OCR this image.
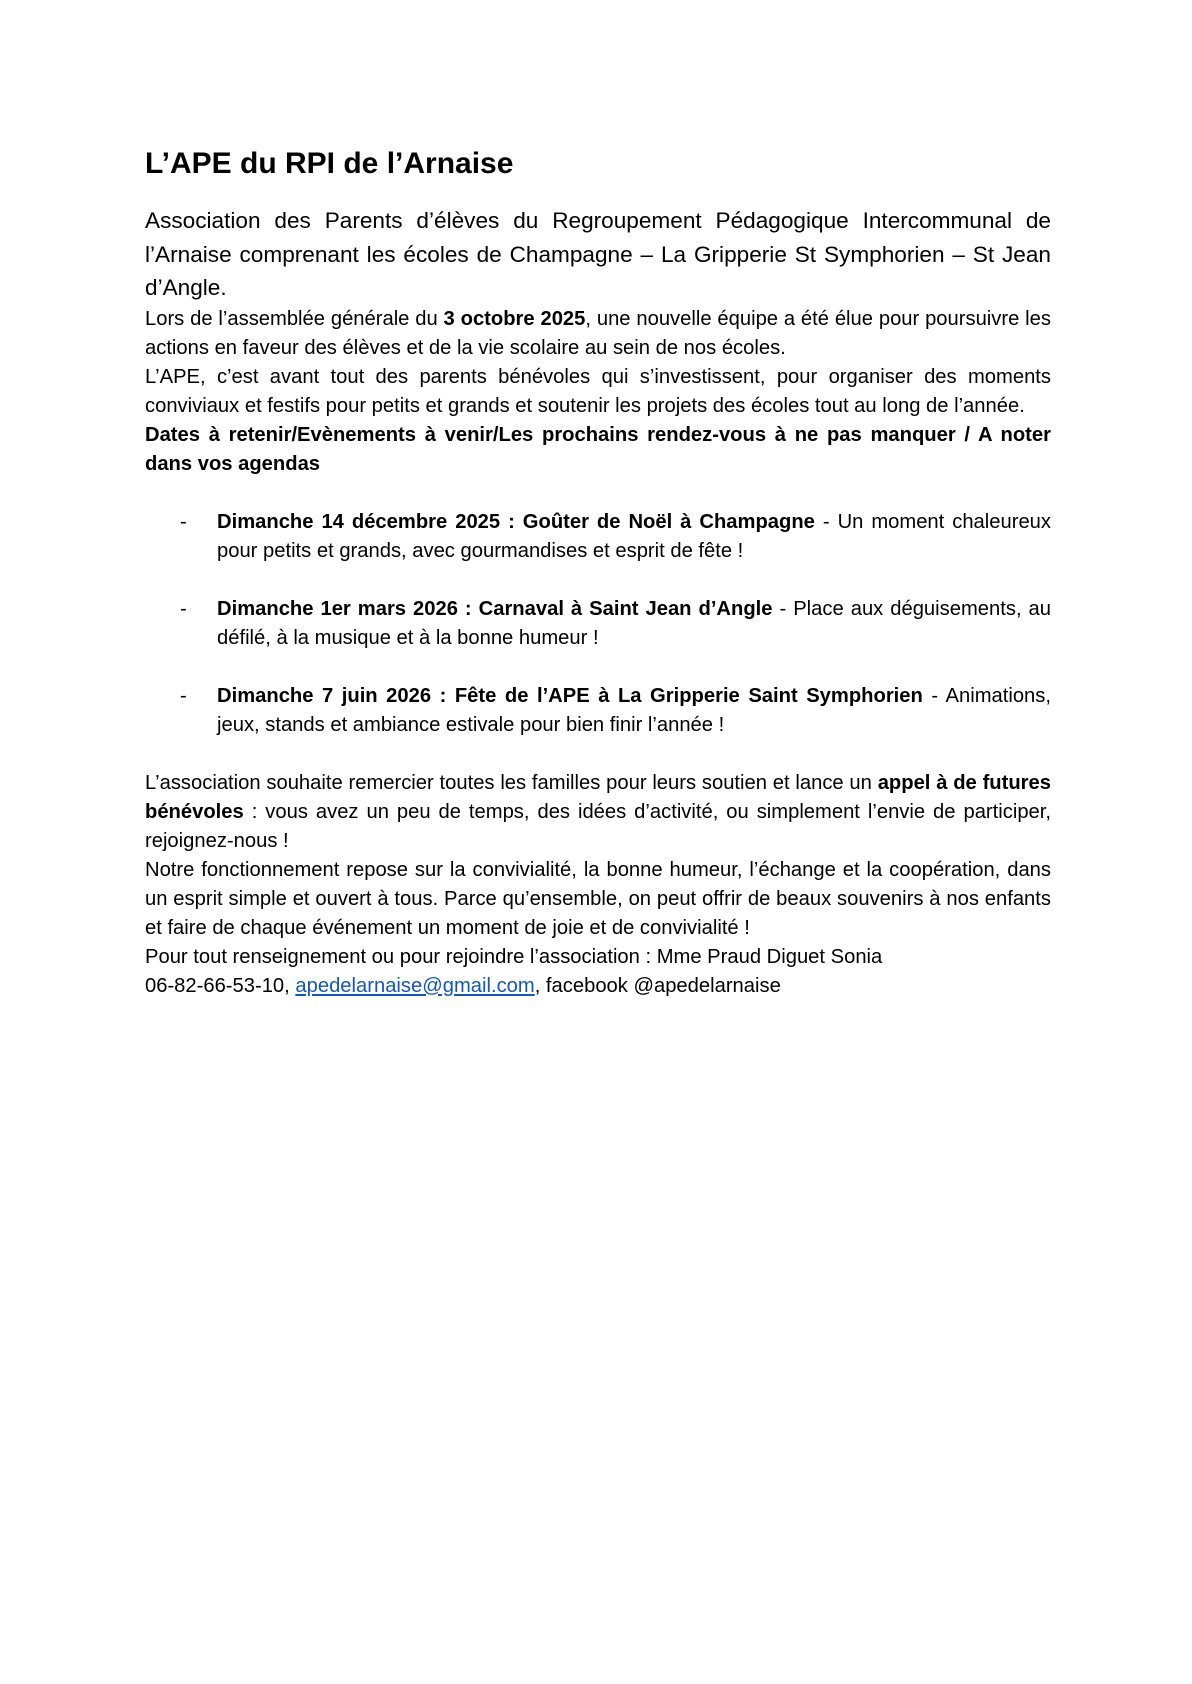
L’APE du RPI de l’Arnaise

Association des Parents d’élèves du Regroupement Pédagogique Intercommunal de l’Arnaise comprenant les écoles de Champagne – La Gripperie St Symphorien – St Jean d’Angle.

Lors de l’assemblée générale du 3 octobre 2025, une nouvelle équipe a été élue pour poursuivre les actions en faveur des élèves et de la vie scolaire au sein de nos écoles.

L’APE, c’est avant tout des parents bénévoles qui s’investissent, pour organiser des moments conviviaux et festifs pour petits et grands et soutenir les projets des écoles tout au long de l’année.

Dates à retenir/Evènements à venir/Les prochains rendez-vous à ne pas manquer / A noter dans vos agendas

- Dimanche 14 décembre 2025 : Goûter de Noël à Champagne - Un moment chaleureux pour petits et grands, avec gourmandises et esprit de fête !
- Dimanche 1er mars 2026 : Carnaval à Saint Jean d’Angle - Place aux déguisements, au défilé, à la musique et à la bonne humeur !
- Dimanche 7 juin 2026 : Fête de l’APE à La Gripperie Saint Symphorien - Animations, jeux, stands et ambiance estivale pour bien finir l’année !

L’association souhaite remercier toutes les familles pour leurs soutien et lance un appel à de futures bénévoles : vous avez un peu de temps, des idées d’activité, ou simplement l’envie de participer, rejoignez-nous !

Notre fonctionnement repose sur la convivialité, la bonne humeur, l’échange et la coopération, dans un esprit simple et ouvert à tous. Parce qu’ensemble, on peut offrir de beaux souvenirs à nos enfants et faire de chaque événement un moment de joie et de convivialité !

Pour tout renseignement ou pour rejoindre l’association : Mme Praud Diguet Sonia

06-82-66-53-10, apedelarnaise@gmail.com, facebook @apedelarnaise
